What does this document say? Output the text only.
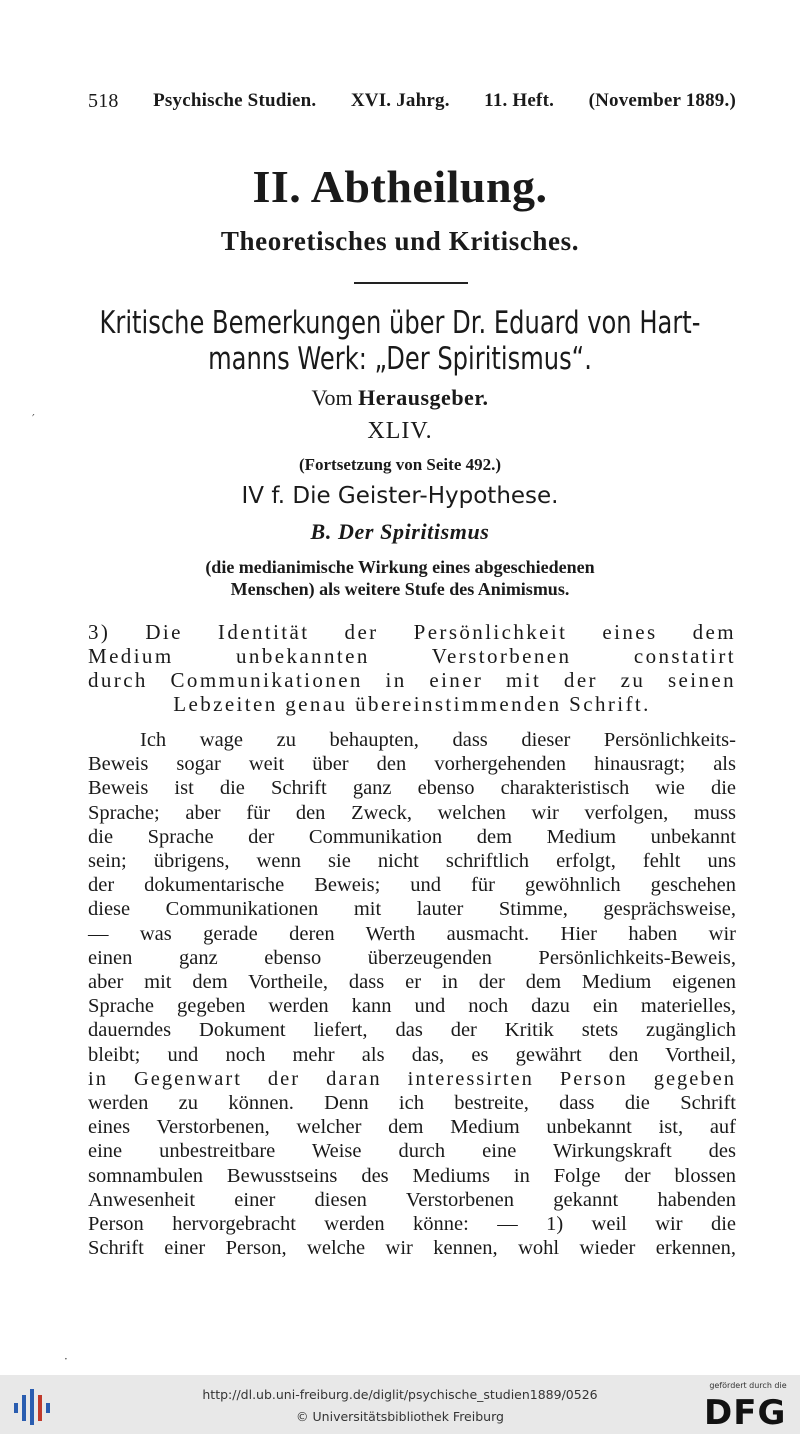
518 Psychische Studien. XVI. Jahrg. 11. Heft. (November 1889.)
II. Abtheilung.
Theoretisches und Kritisches.
Kritische Bemerkungen über Dr. Eduard von Hart-
manns Werk: „Der Spiritismus“.
Vom Herausgeber.
XLIV.
(Fortsetzung von Seite 492.)
IV f. Die Geister-Hypothese.
B. Der Spiritismus
(die medianimische Wirkung eines abgeschiedenen
Menschen) als weitere Stufe des Animismus.
3) Die Identität der Persönlichkeit eines dem
Medium unbekannten Verstorbenen constatirt
durch Communikationen in einer mit der zu seinen
Lebzeiten genau übereinstimmenden Schrift.
Ich wage zu behaupten, dass dieser Persönlichkeits-
Beweis sogar weit über den vorhergehenden hinausragt; als
Beweis ist die Schrift ganz ebenso charakteristisch wie die
Sprache; aber für den Zweck, welchen wir verfolgen, muss
die Sprache der Communikation dem Medium unbekannt
sein; übrigens, wenn sie nicht schriftlich erfolgt, fehlt uns
der dokumentarische Beweis; und für gewöhnlich geschehen
diese Communikationen mit lauter Stimme, gesprächsweise,
— was gerade deren Werth ausmacht. Hier haben wir
einen ganz ebenso überzeugenden Persönlichkeits-Beweis,
aber mit dem Vortheile, dass er in der dem Medium eigenen
Sprache gegeben werden kann und noch dazu ein materielles,
dauerndes Dokument liefert, das der Kritik stets zugänglich
bleibt; und noch mehr als das, es gewährt den Vortheil,
in Gegenwart der daran interessirten Person gegeben
werden zu können. Denn ich bestreite, dass die Schrift
eines Verstorbenen, welcher dem Medium unbekannt ist, auf
eine unbestreitbare Weise durch eine Wirkungskraft des
somnambulen Bewusstseins des Mediums in Folge der blossen
Anwesenheit einer diesen Verstorbenen gekannt habenden
Person hervorgebracht werden könne: — 1) weil wir die
Schrift einer Person, welche wir kennen, wohl wieder erkennen,
′
·
http://dl.ub.uni-freiburg.de/diglit/psychische_studien1889/0526
© Universitätsbibliothek Freiburg
gefördert durch die
DFG
